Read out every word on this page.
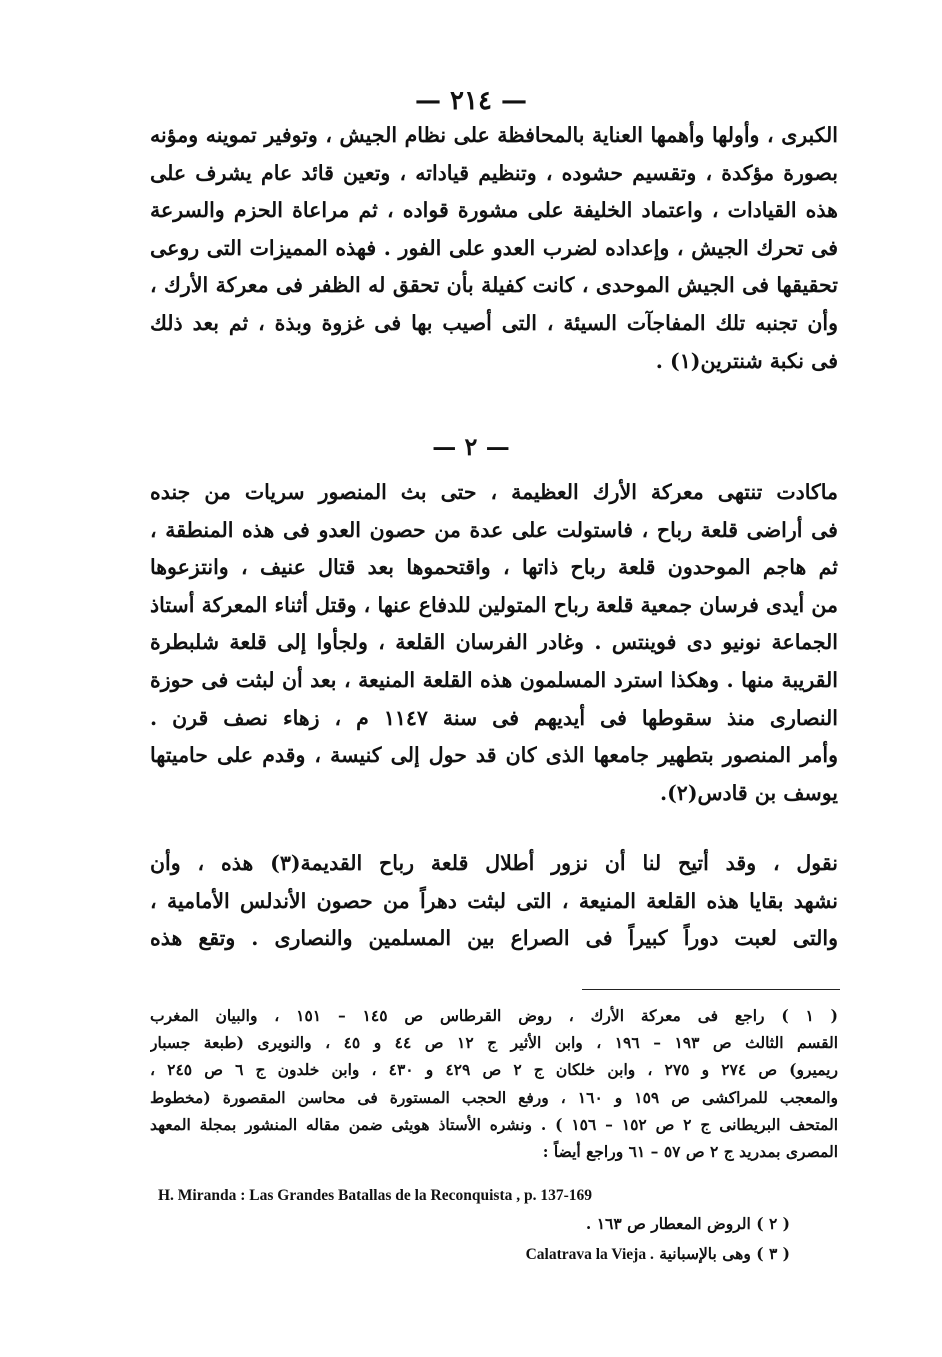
— ٢١٤ —
الكبرى ، وأولها وأهمها العناية بالمحافظة على نظام الجيش ، وتوفير تموينه ومؤنه
بصورة مؤكدة ، وتقسيم حشوده ، وتنظيم قياداته ، وتعين قائد عام يشرف على
هذه القيادات ، واعتماد الخليفة على مشورة قواده ، ثم مراعاة الحزم والسرعة
فى تحرك الجيش ، وإعداده لضرب العدو على الفور . فهذه المميزات التى روعى
تحقيقها فى الجيش الموحدى ، كانت كفيلة بأن تحقق له الظفر فى معركة الأرك ،
وأن تجنبه تلك المفاجآت السيئة ، التى أصيب بها فى غزوة وبذة ، ثم بعد ذلك
فى نكبة شنترين(١) .
— ٢ —
ماكادت تنتهى معركة الأرك العظيمة ، حتى بث المنصور سريات من جنده
فى أراضى قلعة رباح ، فاستولت على عدة من حصون العدو فى هذه المنطقة ،
ثم هاجم الموحدون قلعة رباح ذاتها ، واقتحموها بعد قتال عنيف ، وانتزعوها
من أيدى فرسان جمعية قلعة رباح المتولين للدفاع عنها ، وقتل أثناء المعركة أستاذ
الجماعة نونيو دى فوينتس . وغادر الفرسان القلعة ، ولجأوا إلى قلعة شلبطرة
القريبة منها . وهكذا استرد المسلمون هذه القلعة المنيعة ، بعد أن لبثت فى حوزة
النصارى منذ سقوطها فى أيديهم فى سنة ١١٤٧ م ، زهاء نصف قرن .
وأمر المنصور بتطهير جامعها الذى كان قد حول إلى كنيسة ، وقدم على حاميتها
يوسف بن قادس(٢).
نقول ، وقد أتيح لنا أن نزور أطلال قلعة رباح القديمة(٣) هذه ، وأن
نشهد بقايا هذه القلعة المنيعة ، التى لبثت دهراً من حصون الأندلس الأمامية ،
والتى لعبت دوراً كبيراً فى الصراع بين المسلمين والنصارى . وتقع هذه
( ١ ) راجع فى معركة الأرك ، روض القرطاس ص ١٤٥ – ١٥١ ، والبيان المغرب
القسم الثالث ص ١٩٣ – ١٩٦ ، وابن الأثير ج ١٢ ص ٤٤ و ٤٥ ، والنويرى (طبعة جسبار
ريميرو) ص ٢٧٤ و ٢٧٥ ، وابن خلكان ج ٢ ص ٤٢٩ و ٤٣٠ ، وابن خلدون ج ٦ ص ٢٤٥ ،
والمعجب للمراكشى ص ١٥٩ و ١٦٠ ، ورفع الحجب المستورة فى محاسن المقصورة (مخطوط
المتحف البريطانى ج ٢ ص ١٥٢ – ١٥٦ ) . ونشره الأستاذ هويثى ضمن مقاله المنشور بمجلة المعهد
المصرى بمدريد ج ٢ ص ٥٧ – ٦١ وراجع أيضاً :
H. Miranda : Las Grandes Batallas de la Reconquista , p. 137-169
( ٢ ) الروض المعطار ص ١٦٣ .
( ٣ ) وهى بالإسبانية Calatrava la Vieja .
